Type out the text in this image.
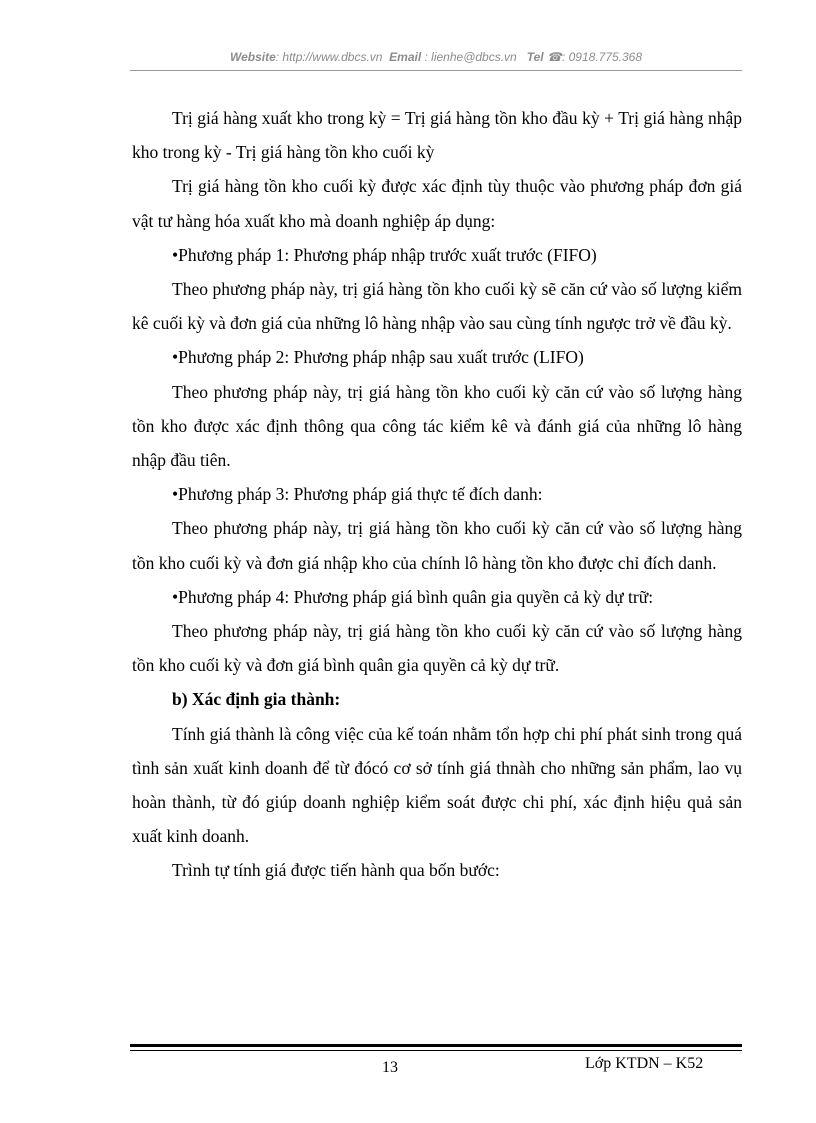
Website: http://www.dbcs.vn Email : lienhe@dbcs.vn Tel ☎: 0918.775.368

Trị giá hàng xuất kho trong kỳ = Trị giá hàng tồn kho đầu kỳ + Trị giá hàng nhập kho trong kỳ - Trị giá hàng tồn kho cuối kỳ

Trị giá hàng tồn kho cuối kỳ được xác định tùy thuộc vào phương pháp đơn giá vật tư hàng hóa xuất kho mà doanh nghiệp áp dụng:

•Phương pháp 1: Phương pháp nhập trước xuất trước (FIFO)

Theo phương pháp này, trị giá hàng tồn kho cuối kỳ sẽ căn cứ vào số lượng kiểm kê cuối kỳ và đơn giá của những lô hàng nhập vào sau cùng tính ngược trở về đầu kỳ.

•Phương pháp 2: Phương pháp nhập sau xuất trước (LIFO)

Theo phương pháp này, trị giá hàng tồn kho cuối kỳ căn cứ vào số lượng hàng tồn kho được xác định thông qua công tác kiểm kê và đánh giá của những lô hàng nhập đầu tiên.

•Phương pháp 3: Phương pháp giá thực tế đích danh:

Theo phương pháp này, trị giá hàng tồn kho cuối kỳ căn cứ vào số lượng hàng tồn kho cuối kỳ và đơn giá nhập kho của chính lô hàng tồn kho được chỉ đích danh.

•Phương pháp 4: Phương pháp giá bình quân gia quyền cả kỳ dự trữ:

Theo phương pháp này, trị giá hàng tồn kho cuối kỳ căn cứ vào số lượng hàng tồn kho cuối kỳ và đơn giá bình quân gia quyền cả kỳ dự trữ.

b) Xác định gia thành:

Tính giá thành là công việc của kế toán nhằm tổn hợp chi phí phát sinh trong quá tình sản xuất kinh doanh để từ đócó cơ sở tính giá thnàh cho những sản phẩm, lao vụ hoàn thành, từ đó giúp doanh nghiệp kiểm soát được chi phí, xác định hiệu quả sản xuất kinh doanh.

Trình tự tính giá được tiến hành qua bốn bước:

13	Lớp KTDN – K52
